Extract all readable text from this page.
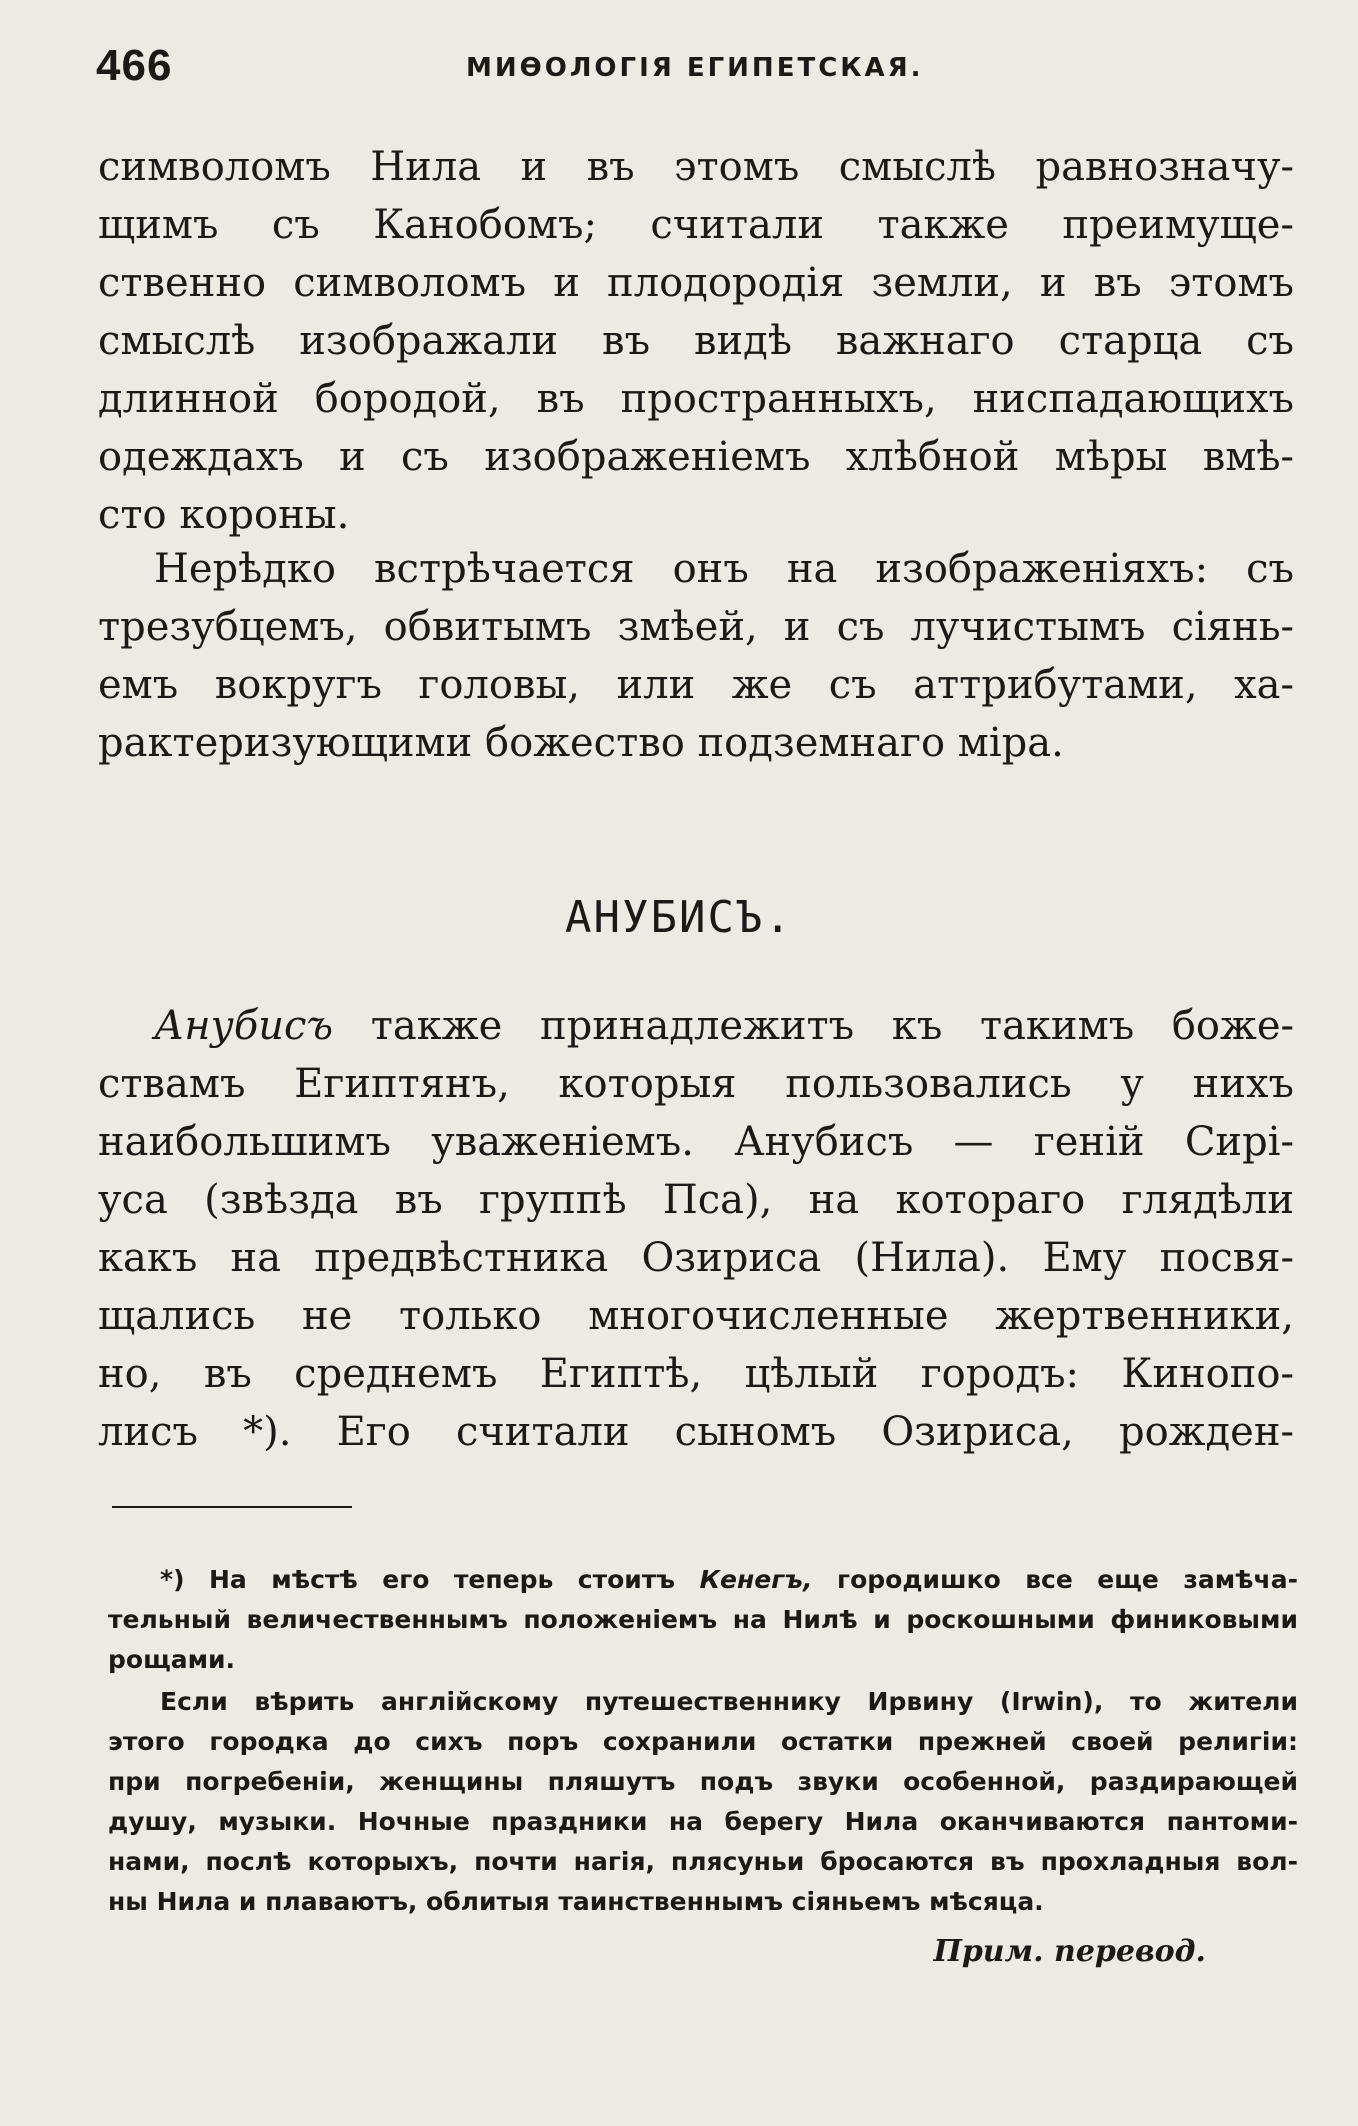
466	МИѲОЛОГІЯ ЕГИПЕТСКАЯ.

символомъ Нила и въ этомъ смыслѣ равнозначу-
щимъ съ Канобомъ; считали также преимуще-
ственно символомъ и плодородія земли, и въ этомъ
смыслѣ изображали въ видѣ важнаго старца съ
длинной бородой, въ пространныхъ, ниспадающихъ
одеждахъ и съ изображеніемъ хлѣбной мѣры вмѣ-
сто короны.

Нерѣдко встрѣчается онъ на изображеніяхъ: съ
трезубцемъ, обвитымъ змѣей, и съ лучистымъ сіянь-
емъ вокругъ головы, или же съ аттрибутами, ха-
рактеризующими божество подземнаго міра.

АНУБИСЪ.

Анубисъ также принадлежитъ къ такимъ боже-
ствамъ Египтянъ, которыя пользовались у нихъ
наибольшимъ уваженіемъ. Анубисъ — геній Сирі-
уса (звѣзда въ группѣ Пса), на котораго глядѣли
какъ на предвѣстника Озириса (Нила). Ему посвя-
щались не только многочисленные жертвенники,
но, въ среднемъ Египтѣ, цѣлый городъ: Кинопо-
лисъ *). Его считали сыномъ Озириса, рожден-

*) На мѣстѣ его теперь стоитъ Кенегъ, городишко все еще замѣча-
тельный величественнымъ положеніемъ на Нилѣ и роскошными финиковыми
рощами.

Если вѣрить англійскому путешественнику Ирвину (Irwin), то жители
этого городка до сихъ поръ сохранили остатки прежней своей религіи:
при погребеніи, женщины пляшутъ подъ звуки особенной, раздирающей
душу, музыки. Ночные праздники на берегу Нила оканчиваются пантоми-
нами, послѣ которыхъ, почти нагія, плясуньи бросаются въ прохладныя вол-
ны Нила и плаваютъ, облитыя таинственнымъ сіяньемъ мѣсяца.

Прим. перевод.
